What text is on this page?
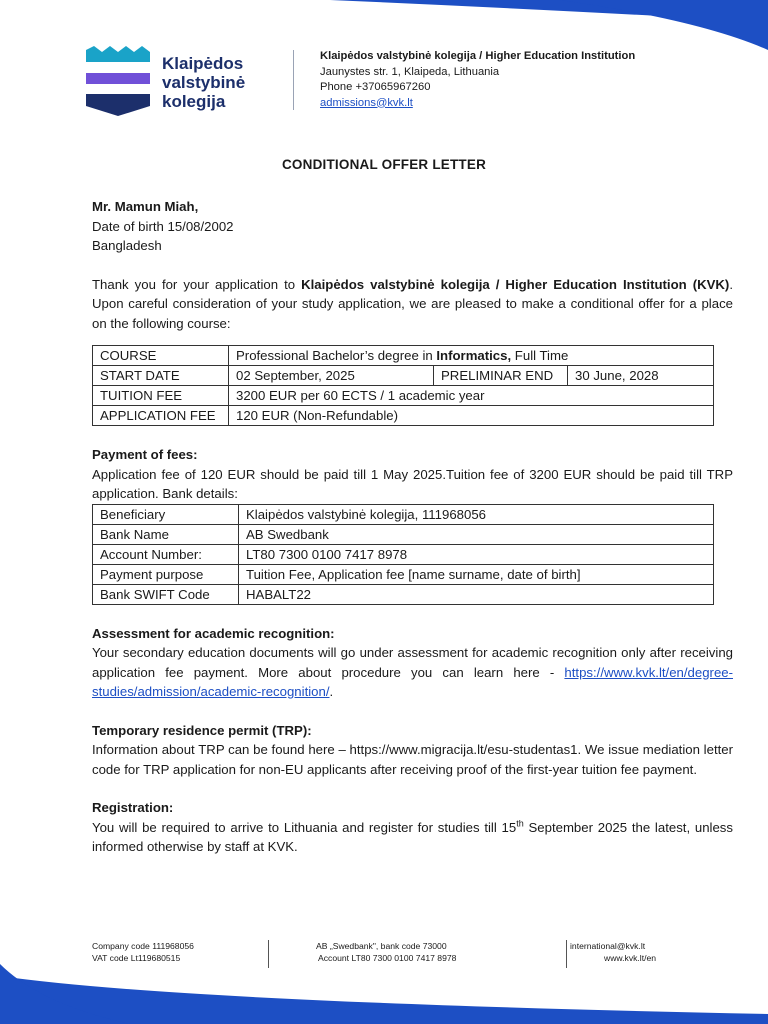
Klaipėdos
valstybinė
kolegija
Klaipėdos valstybinė kolegija / Higher Education Institution
Jaunystes str. 1, Klaipeda, Lithuania
Phone +37065967260
admissions@kvk.lt
CONDITIONAL OFFER LETTER
Mr. Mamun Miah,
Date of birth 15/08/2002
Bangladesh

Thank you for your application to Klaipėdos valstybinė kolegija / Higher Education Institution (KVK). Upon careful consideration of your study application, we are pleased to make a conditional offer for a place on the following course:

COURSE	Professional Bachelor’s degree in Informatics, Full Time		
START DATE	02 September, 2025	PRELIMINAR END	30 June, 2028
TUITION FEE	3200 EUR per 60 ECTS / 1 academic year		
APPLICATION FEE	120 EUR (Non-Refundable)		
Payment of fees:

Application fee of 120 EUR should be paid till 1 May 2025.Tuition fee of 3200 EUR should be paid till TRP application. Bank details:

Beneficiary	Klaipėdos valstybinė kolegija, 111968056
Bank Name	AB Swedbank
Account Number:	LT80 7300 0100 7417 8978
Payment purpose	Tuition Fee, Application fee [name surname, date of birth]
Bank SWIFT Code	HABALT22
Assessment for academic recognition:

Your secondary education documents will go under assessment for academic recognition only after receiving application fee payment. More about procedure you can learn here - https://www.kvk.lt/en/degree-studies/admission/academic-recognition/.

Temporary residence permit (TRP):

Information about TRP can be found here – https://www.migracija.lt/esu-studentas1. We issue mediation letter code for TRP application for non-EU applicants after receiving proof of the first-year tuition fee payment.

Registration:

You will be required to arrive to Lithuania and register for studies till 15th September 2025 the latest, unless informed otherwise by staff at KVK.

Company code 111968056
VAT code Lt119680515
AB „Swedbank", bank code 73000
Account LT80 7300 0100 7417 8978
international@kvk.lt
www.kvk.lt/en
